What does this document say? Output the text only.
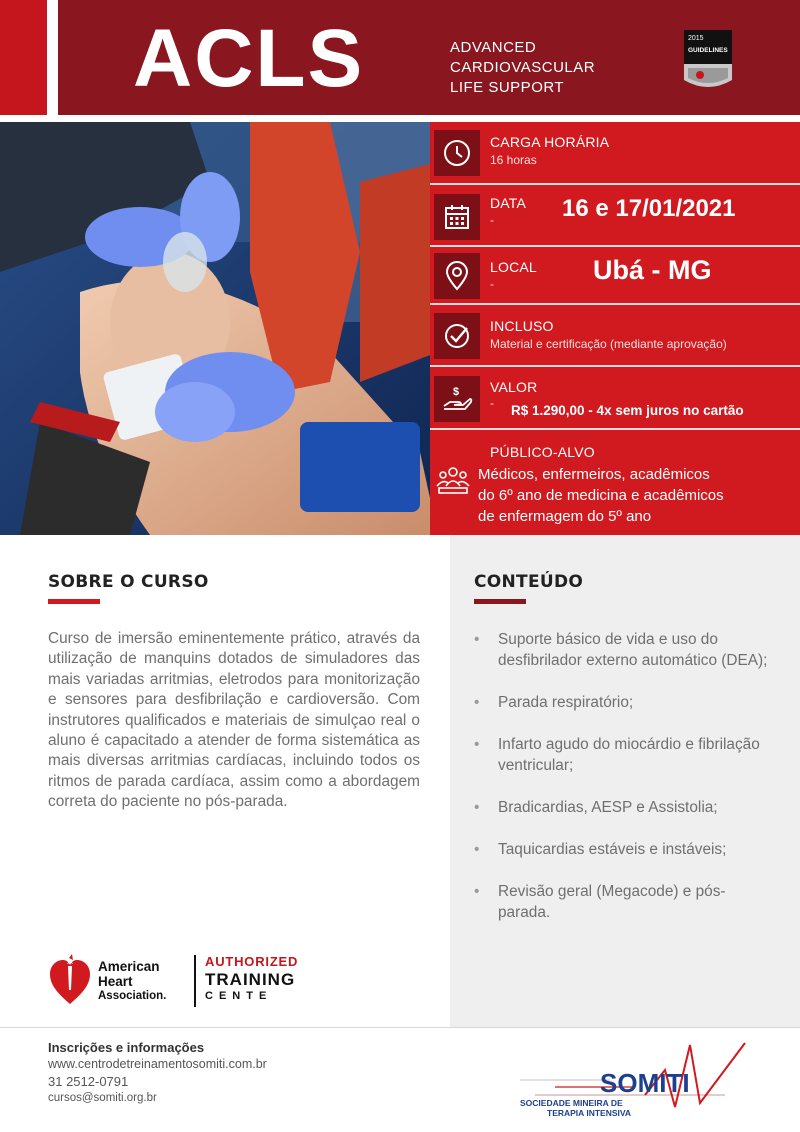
ACLS	ADVANCED
CARDIOVASCULAR
LIFE SUPPORT
2015
GUIDELINES
CARGA HORÁRIA
16 horas
DATA
-	16 e 17/01/2021
LOCAL
-	Ubá - MG
INCLUSO
Material e certificação (mediante aprovação)
$ VALOR
- R$ 1.290,00 - 4x sem juros no cartão
PÚBLICO-ALVO
Médicos, enfermeiros, acadêmicos
do 6º ano de medicina e acadêmicos
de enfermagem do 5º ano
SOBRE O CURSO

Curso de imersão eminentemente prático, através da utilização de manquins dotados de simuladores das mais variadas arritmias, eletrodos para monitorização e sensores para desfibrilação e cardioversão. Com instrutores qualificados e materiais de simulçao real o aluno é capacitado a atender de forma sistemática as mais diversas arritmias cardíacas, incluindo todos os ritmos de parada cardíaca, assim como a abordagem correta do paciente no pós-parada.

CONTEÚDO
• Suporte básico de vida e uso do desfibrilador externo automático (DEA);
• Parada respiratório;
• Infarto agudo do miocárdio e fibrilação ventricular;
• Bradicardias, AESP e Assistolia;
• Taquicardias estáveis e instáveis;
• Revisão geral (Megacode) e pós-parada.
American
Heart
Association.
AUTHORIZED
TRAINING
CENTE
Inscrições e informações
www.centrodetreinamentosomiti.com.br
31 2512-0791
cursos@somiti.org.br	SOMITI
SOCIEDADE MINEIRA DE
TERAPIA INTENSIVA
